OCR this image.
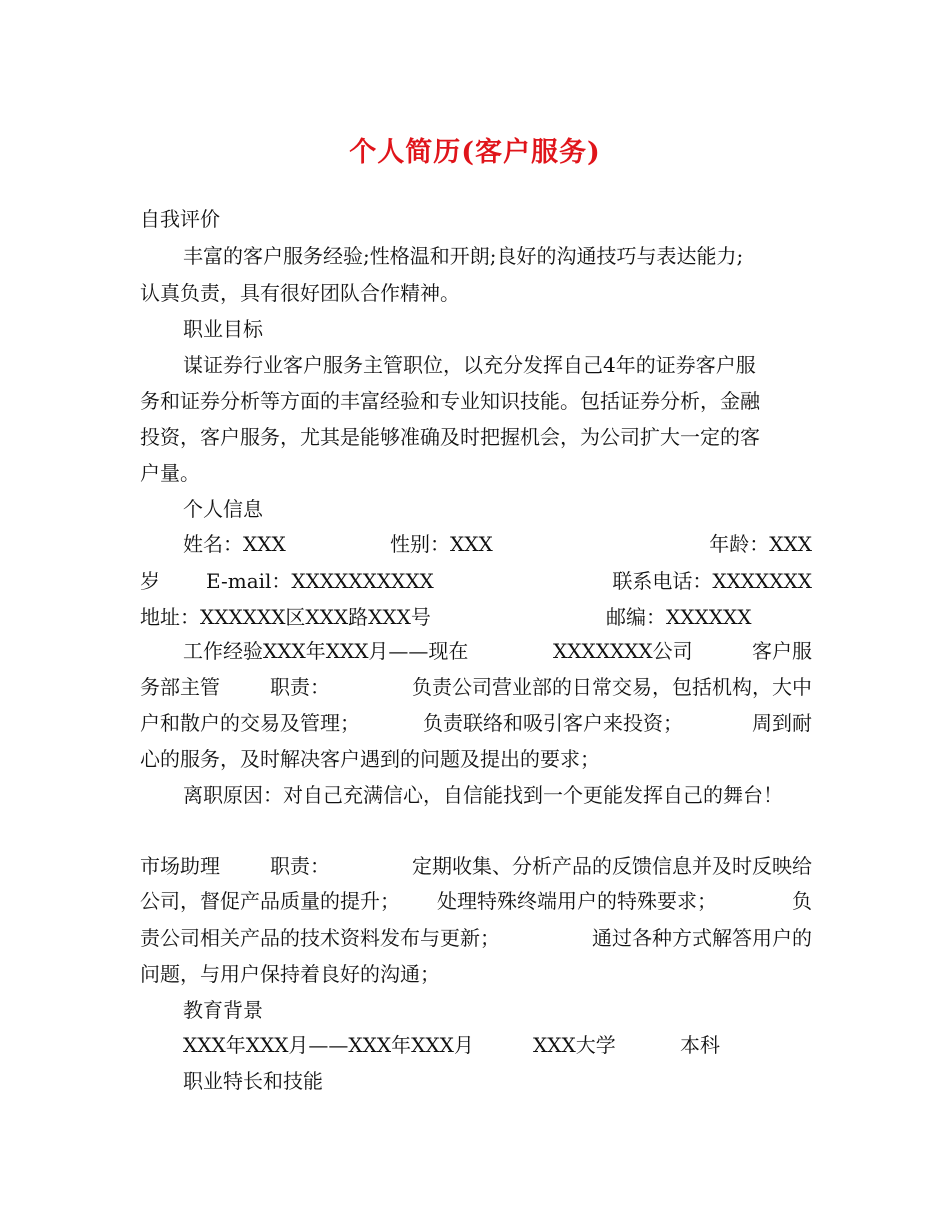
个人简历(客户服务)
自我评价
丰富的客户服务经验;性格温和开朗;良好的沟通技巧与表达能力;
认真负责，具有很好团队合作精神。
职业目标
谋证券行业客户服务主管职位，以充分发挥自己4年的证券客户服
务和证券分析等方面的丰富经验和专业知识技能。包括证券分析，金融
投资，客户服务，尤其是能够准确及时把握机会，为公司扩大一定的客
户量。
个人信息
姓名：XXX	性别：XXX	年龄：XXX
岁 E-mail：XXXXXXXXXX	联系电话：XXXXXXX
地址：XXXXXX区XXX路XXX号	邮编：XXXXXX
工作经验XXX年XXX月——现在	XXXXXXX公司	客户服
务部主管	职责：	负责公司营业部的日常交易，包括机构，大中
户和散户的交易及管理；	负责联络和吸引客户来投资；	周到耐
心的服务，及时解决客户遇到的问题及提出的要求；
离职原因：对自己充满信心，自信能找到一个更能发挥自己的舞台！
市场助理	职责：	定期收集、分析产品的反馈信息并及时反映给
公司，督促产品质量的提升； 处理特殊终端用户的特殊要求；	负
责公司相关产品的技术资料发布与更新；	通过各种方式解答用户的
问题，与用户保持着良好的沟通；
教育背景
XXX年XXX月——XXX年XXX月	XXX大学	本科
职业特长和技能
